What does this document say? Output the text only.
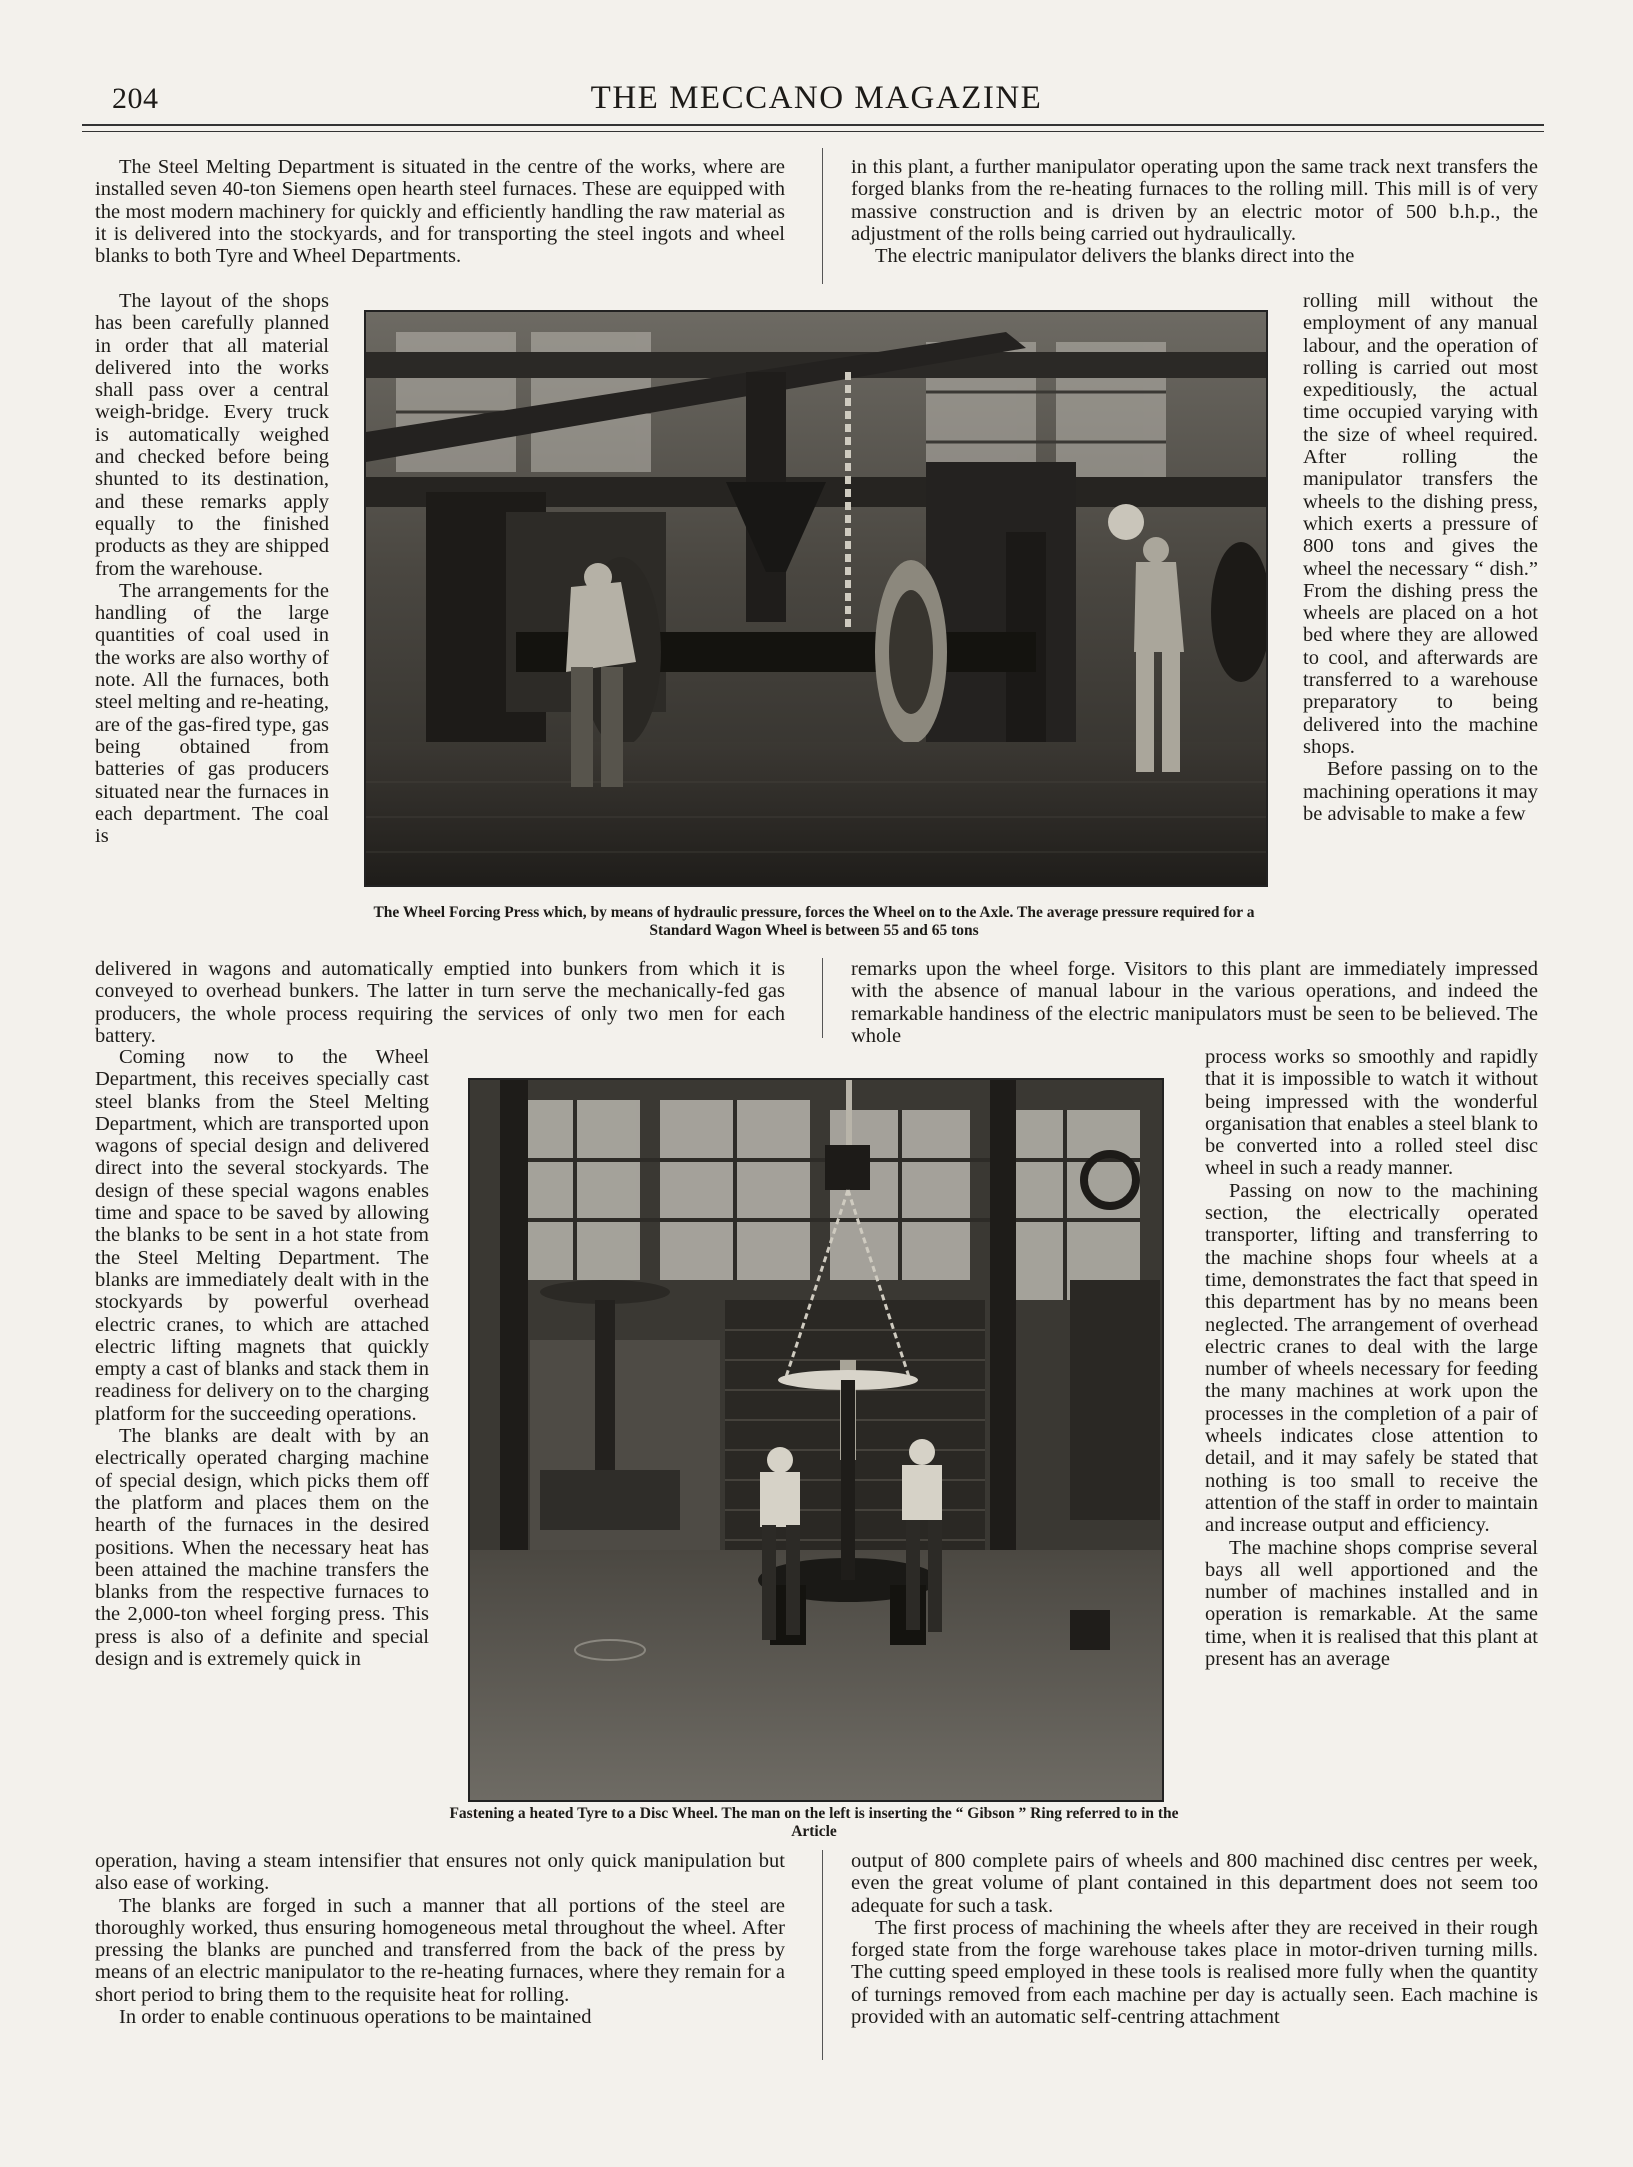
204	THE MECCANO MAGAZINE

The Steel Melting Department is situated in the centre of the works, where are installed seven 40-ton Siemens open hearth steel furnaces. These are equipped with the most modern machinery for quickly and efficiently handling the raw material as it is delivered into the stockyards, and for transporting the steel ingots and wheel blanks to both Tyre and Wheel Departments.

The layout of the shops has been carefully planned in order that all material delivered into the works shall pass over a central weigh-bridge. Every truck is automatically weighed and checked before being shunted to its destination, and these remarks apply equally to the finished products as they are shipped from the warehouse.

The arrangements for the handling of the large quantities of coal used in the works are also worthy of note. All the furnaces, both steel melting and re-heating, are of the gas-fired type, gas being obtained from batteries of gas producers situated near the furnaces in each department. The coal is

delivered in wagons and automatically emptied into bunkers from which it is conveyed to overhead bunkers. The latter in turn serve the mechanically-fed gas producers, the whole process requiring the services of only two men for each battery.

Coming now to the Wheel Department, this receives specially cast steel blanks from the Steel Melting Department, which are transported upon wagons of special design and delivered direct into the several stockyards. The design of these special wagons enables time and space to be saved by allowing the blanks to be sent in a hot state from the Steel Melting Department. The blanks are immediately dealt with in the stockyards by powerful overhead electric cranes, to which are attached electric lifting magnets that quickly empty a cast of blanks and stack them in readiness for delivery on to the charging platform for the succeeding operations.

The blanks are dealt with by an electrically operated charging machine of special design, which picks them off the platform and places them on the hearth of the furnaces in the desired positions. When the necessary heat has been attained the machine transfers the blanks from the respective furnaces to the 2,000-ton wheel forging press. This press is also of a definite and special design and is extremely quick in

operation, having a steam intensifier that ensures not only quick manipulation but also ease of working.

The blanks are forged in such a manner that all portions of the steel are thoroughly worked, thus ensuring homogeneous metal throughout the wheel. After pressing the blanks are punched and transferred from the back of the press by means of an electric manipulator to the re-heating furnaces, where they remain for a short period to bring them to the requisite heat for rolling.

In order to enable continuous operations to be maintained

in this plant, a further manipulator operating upon the same track next transfers the forged blanks from the re-heating furnaces to the rolling mill. This mill is of very massive construction and is driven by an electric motor of 500 b.h.p., the adjustment of the rolls being carried out hydraulically.

The electric manipulator delivers the blanks direct into the

rolling mill without the employment of any manual labour, and the operation of rolling is carried out most expeditiously, the actual time occupied varying with the size of wheel required. After rolling the manipulator transfers the wheels to the dishing press, which exerts a pressure of 800 tons and gives the wheel the necessary “ dish.” From the dishing press the wheels are placed on a hot bed where they are allowed to cool, and afterwards are transferred to a warehouse preparatory to being delivered into the machine shops.

Before passing on to the machining operations it may be advisable to make a few

remarks upon the wheel forge. Visitors to this plant are immediately impressed with the absence of manual labour in the various operations, and indeed the remarkable handiness of the electric manipulators must be seen to be believed. The whole

process works so smoothly and rapidly that it is impossible to watch it without being impressed with the wonderful organisation that enables a steel blank to be converted into a rolled steel disc wheel in such a ready manner.

Passing on now to the machining section, the electrically operated transporter, lifting and transferring to the machine shops four wheels at a time, demonstrates the fact that speed in this department has by no means been neglected. The arrangement of overhead electric cranes to deal with the large number of wheels necessary for feeding the many machines at work upon the processes in the completion of a pair of wheels indicates close attention to detail, and it may safely be stated that nothing is too small to receive the attention of the staff in order to maintain and increase output and efficiency.

The machine shops comprise several bays all well apportioned and the number of machines installed and in operation is remarkable. At the same time, when it is realised that this plant at present has an average

output of 800 complete pairs of wheels and 800 machined disc centres per week, even the great volume of plant contained in this department does not seem too adequate for such a task.

The first process of machining the wheels after they are received in their rough forged state from the forge warehouse takes place in motor-driven turning mills. The cutting speed employed in these tools is realised more fully when the quantity of turnings removed from each machine per day is actually seen. Each machine is provided with an automatic self-centring attachment

The Wheel Forcing Press which, by means of hydraulic pressure, forces the Wheel on to the Axle. The average pressure required for a Standard Wagon Wheel is between 55 and 65 tons
Fastening a heated Tyre to a Disc Wheel. The man on the left is inserting the “ Gibson ” Ring referred to in the Article
